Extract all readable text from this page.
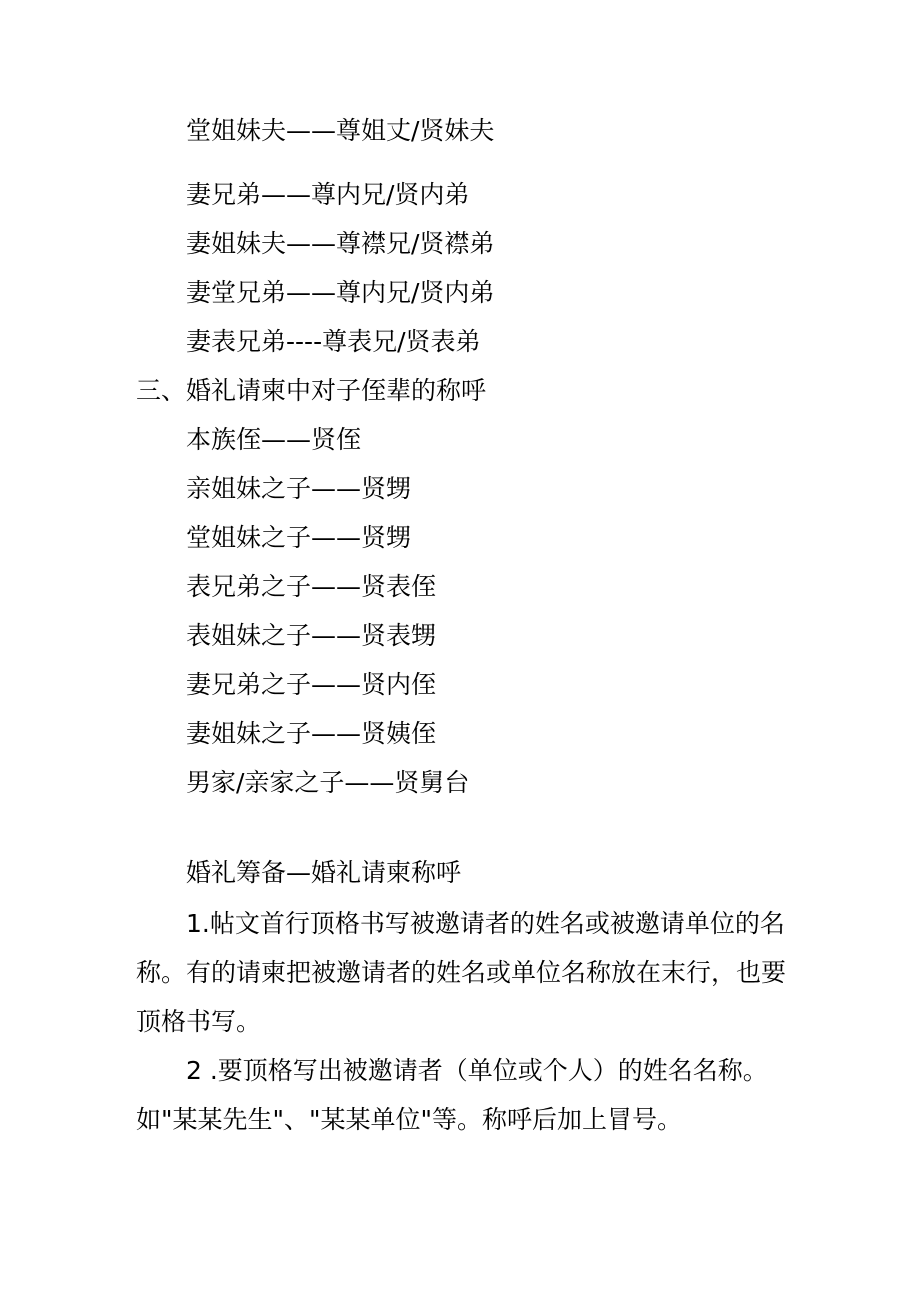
堂姐妹夫——尊姐丈/贤妹夫
妻兄弟——尊内兄/贤内弟
妻姐妹夫——尊襟兄/贤襟弟
妻堂兄弟——尊内兄/贤内弟
妻表兄弟----尊表兄/贤表弟
三、婚礼请柬中对子侄辈的称呼
本族侄——贤侄
亲姐妹之子——贤甥
堂姐妹之子——贤甥
表兄弟之子——贤表侄
表姐妹之子——贤表甥
妻兄弟之子——贤内侄
妻姐妹之子——贤姨侄
男家/亲家之子——贤舅台
婚礼筹备—婚礼请柬称呼
1.帖文首行顶格书写被邀请者的姓名或被邀请单位的名称。有的请柬把被邀请者的姓名或单位名称放在末行，也要顶格书写。
2 .要顶格写出被邀请者（单位或个人）的姓名名称。如"某某先生"、"某某单位"等。称呼后加上冒号。
